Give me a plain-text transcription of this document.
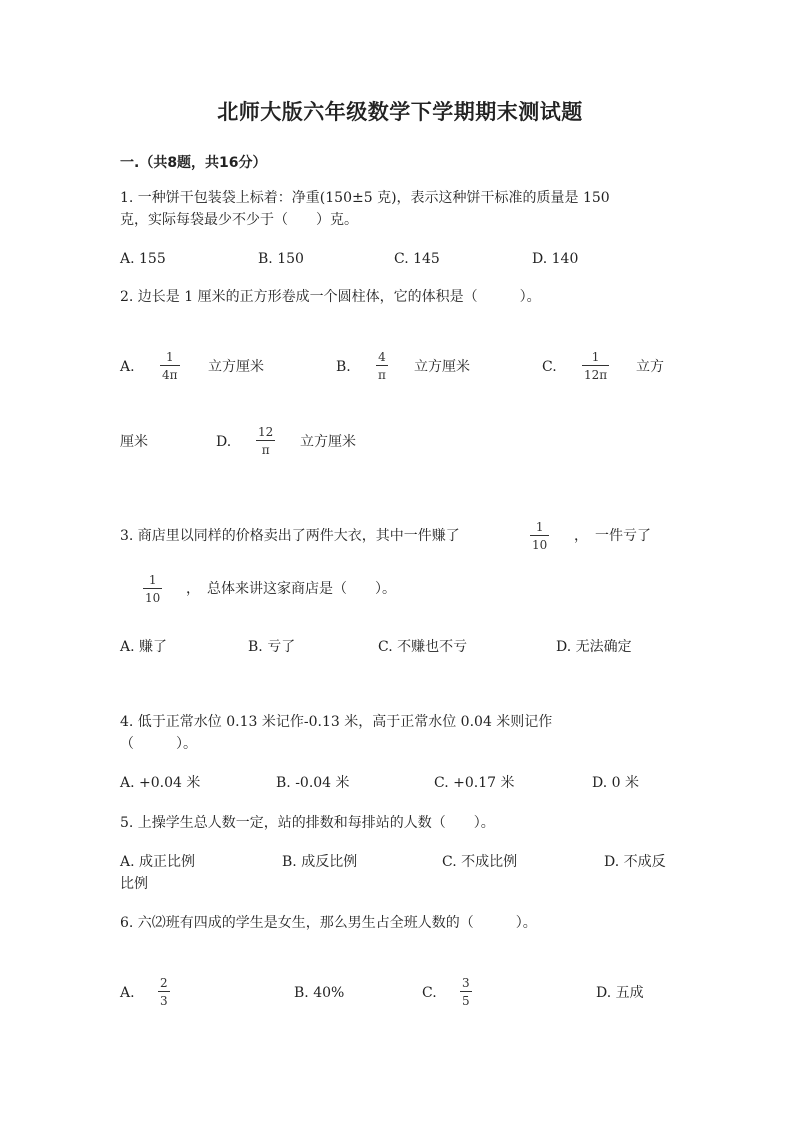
北师大版六年级数学下学期期末测试题
一.（共8题，共16分）
1. 一种饼干包装袋上标着：净重(150±5 克)，表示这种饼干标准的质量是 150
克，实际每袋最少不少于（　　）克。
A. 155	B. 150	C. 145	D. 140
2. 边长是 1 厘米的正方形卷成一个圆柱体，它的体积是（　　　）。
A.
1
4π 立方厘米	B.
4
π 立方厘米	C.
1
12π 立方
厘米	D.
12
π 立方厘米
3. 商店里以同样的价格卖出了两件大衣，其中一件赚了
1
10
，　一件亏了
1
10
，　总体来讲这家商店是（　　）。
A. 赚了	B. 亏了	C. 不赚也不亏	D. 无法确定
4. 低于正常水位 0.13 米记作-0.13 米，高于正常水位 0.04 米则记作
（　　　）。
A. +0.04 米	B. -0.04 米	C. +0.17 米	D. 0 米
5. 上操学生总人数一定，站的排数和每排站的人数（　　）。
A. 成正比例	B. 成反比例	C. 不成比例	D. 不成反
比例
6. 六⑵班有四成的学生是女生，那么男生占全班人数的（　　　）。
A.
2
3	B. 40%	C.
3
5	D. 五成
